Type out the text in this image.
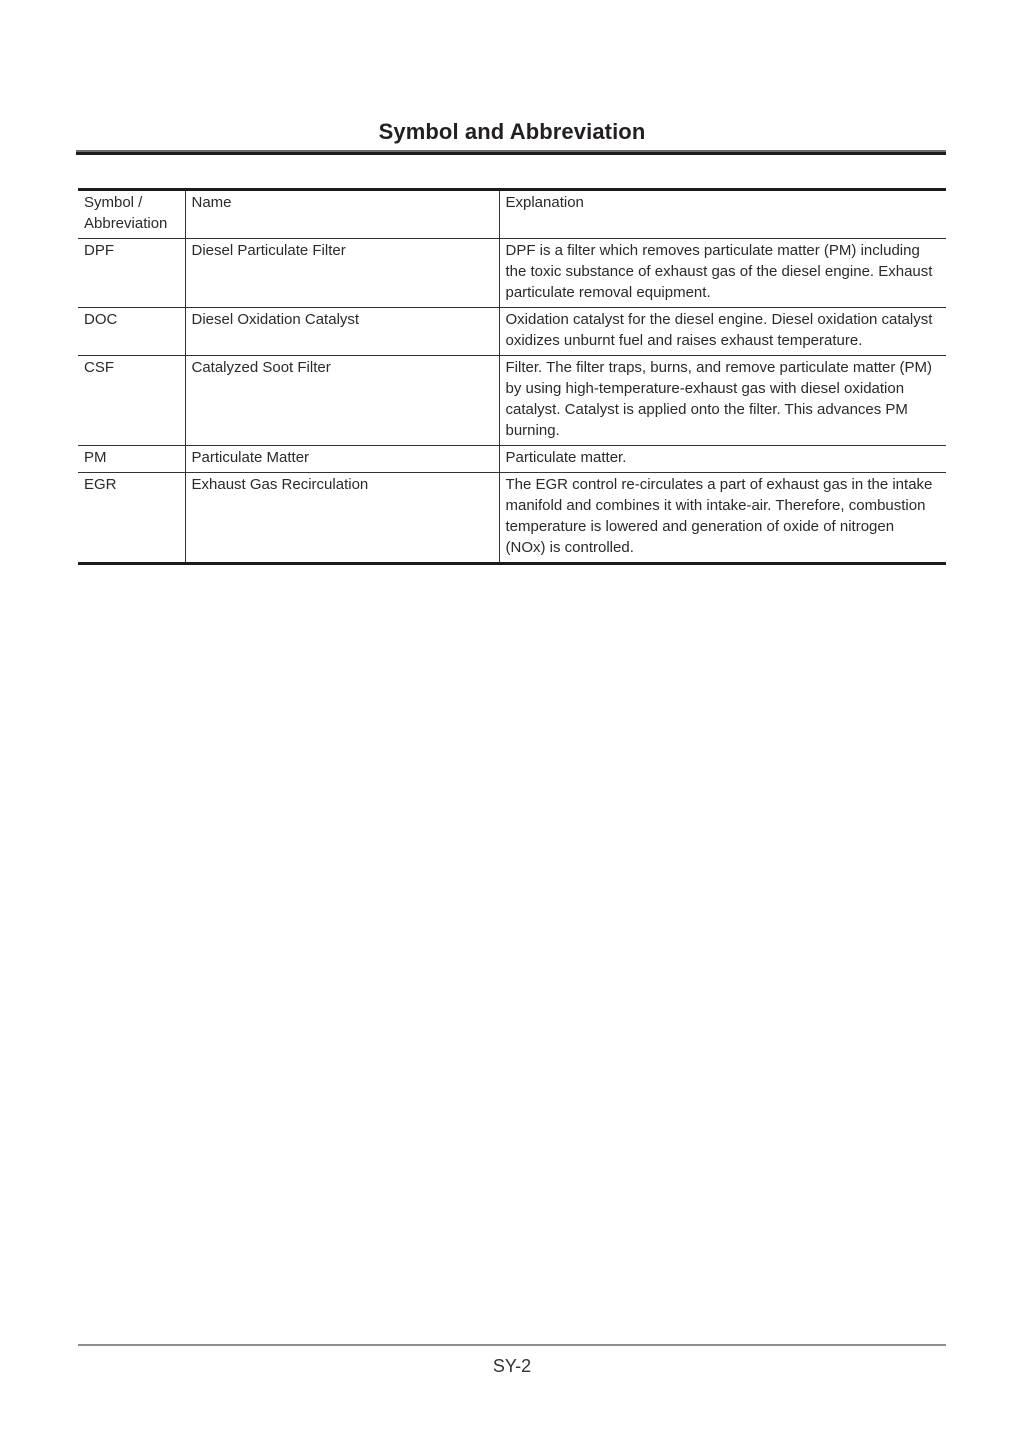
Symbol and Abbreviation
Symbol / Abbreviation	Name	Explanation
DPF	Diesel Particulate Filter	DPF is a filter which removes particulate matter (PM) including the toxic substance of exhaust gas of the diesel engine. Exhaust particulate removal equipment.
DOC	Diesel Oxidation Catalyst	Oxidation catalyst for the diesel engine. Diesel oxidation catalyst oxidizes unburnt fuel and raises exhaust temperature.
CSF	Catalyzed Soot Filter	Filter. The filter traps, burns, and remove particulate matter (PM) by using high-temperature-exhaust gas with diesel oxidation catalyst. Catalyst is applied onto the filter. This advances PM burning.
PM	Particulate Matter	Particulate matter.
EGR	Exhaust Gas Recirculation	The EGR control re-circulates a part of exhaust gas in the intake manifold and combines it with intake-air. Therefore, combustion temperature is lowered and generation of oxide of nitrogen (NOx) is controlled.
SY-2
